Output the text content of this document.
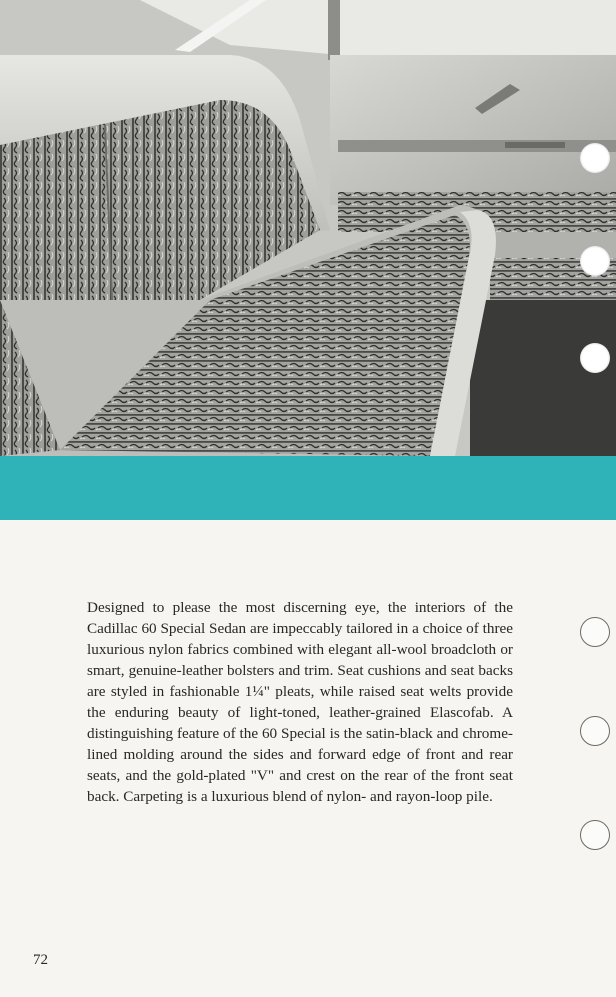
Designed to please the most discerning eye, the interiors of the Cadillac 60 Special Sedan are impeccably tailored in a choice of three luxurious nylon fabrics combined with elegant all-wool broadcloth or smart, genuine-leather bolsters and trim. Seat cushions and seat backs are styled in fashionable 1¼" pleats, while raised seat welts provide the enduring beauty of light-toned, leather-grained Elascofab. A distinguishing feature of the 60 Special is the satin-black and chrome-lined molding around the sides and forward edge of front and rear seats, and the gold-plated "V" and crest on the rear of the front seat back. Carpeting is a luxurious blend of nylon- and rayon-loop pile.

72
